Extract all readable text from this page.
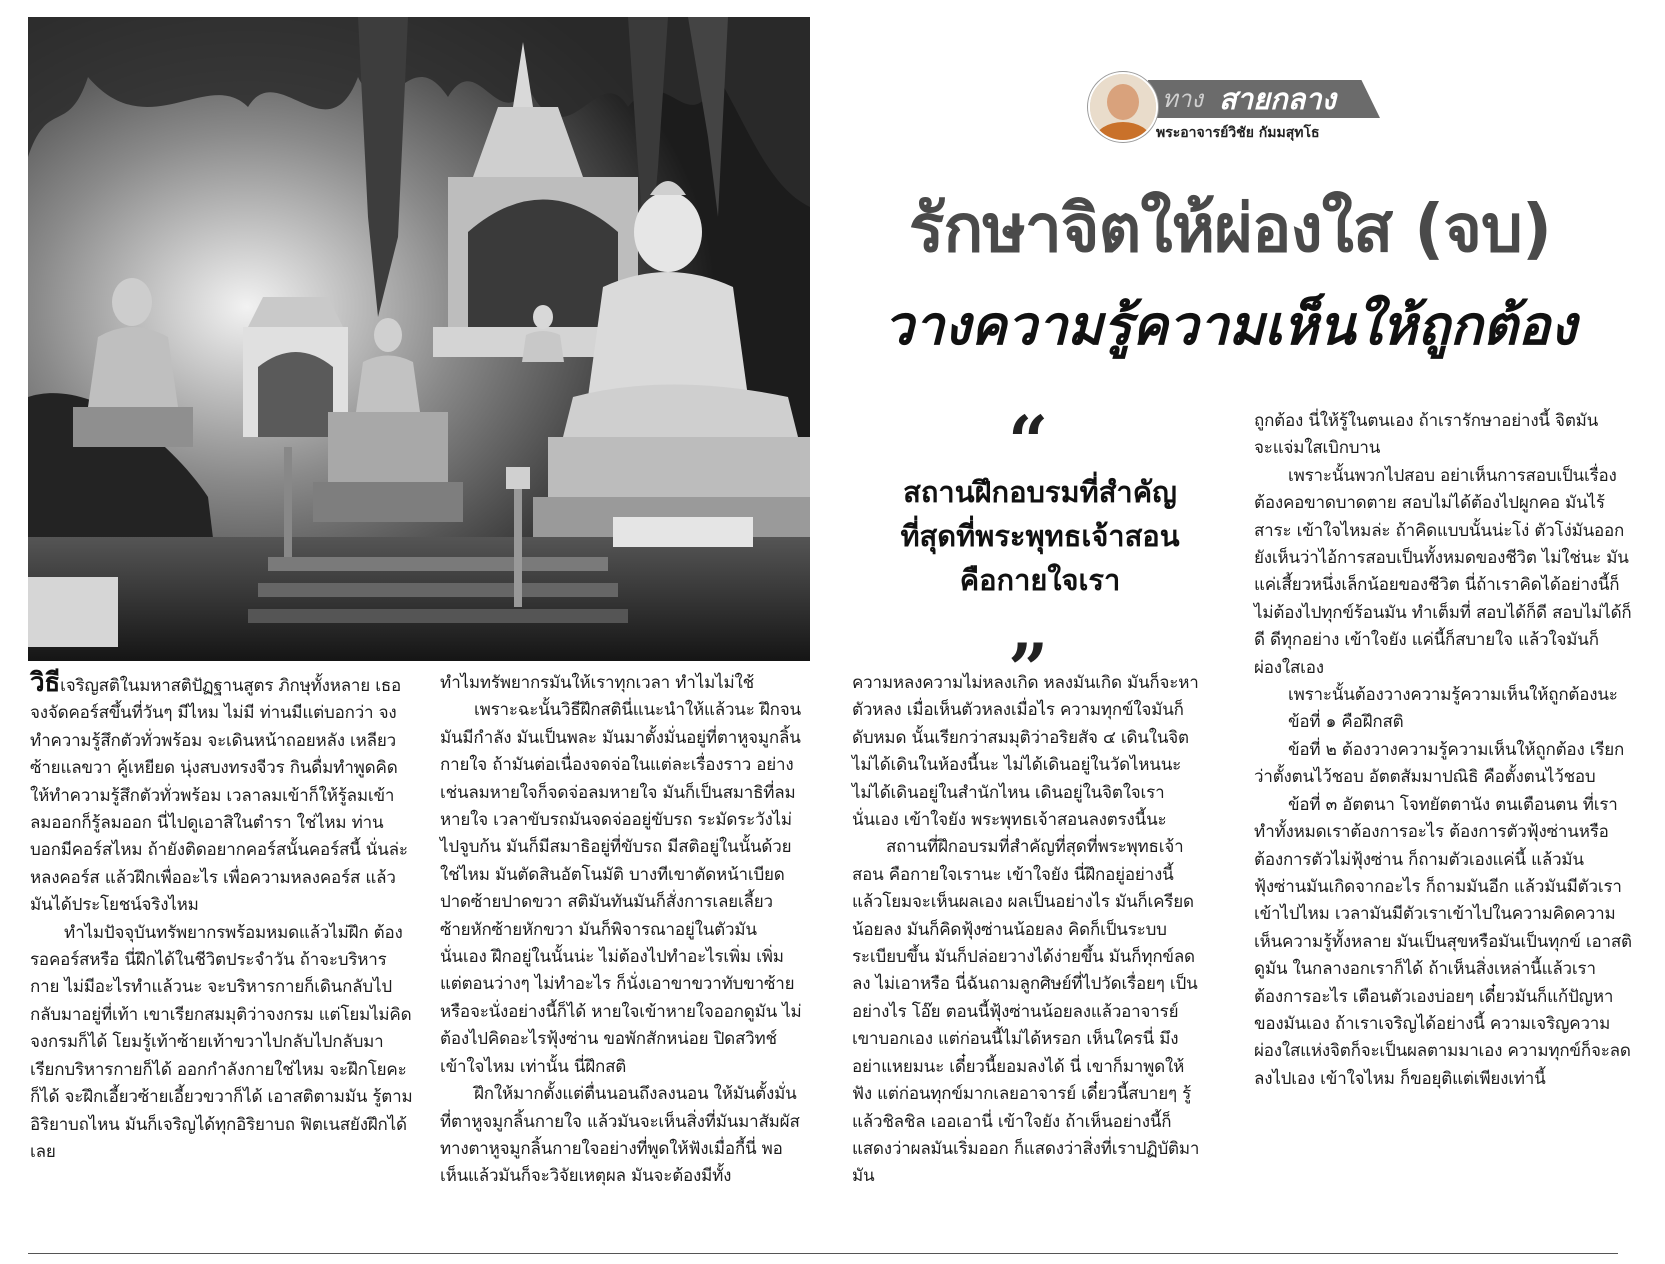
ทาง สายกลาง
พระอาจารย์วิชัย กัมมสุทโธ
รักษาจิตให้ผ่องใส (จบ)
วางความรู้ความเห็นให้ถูกต้อง
“
สถานฝึกอบรมที่สำคัญ
ที่สุดที่พระพุทธเจ้าสอน
คือกายใจเรา
”

วิธีเจริญสติในมหาสติปัฏฐานสูตร ภิกษุทั้งหลาย เธอจงจัดคอร์สขึ้นที่วันๆ มีไหม ไม่มี ท่านมีแต่บอกว่า จงทำความรู้สึกตัวทั่วพร้อม จะเดินหน้าถอยหลัง เหลียวซ้ายแลขวา คู้เหยียด นุ่งสบงทรงจีวร กินดื่มทำพูดคิด ให้ทำความรู้สึกตัวทั่วพร้อม เวลาลมเข้าก็ให้รู้ลมเข้า ลมออกก็รู้ลมออก นี่ไปดูเอาสิในตำรา ใช่ไหม ท่านบอกมีคอร์สไหม ถ้ายังติดอยากคอร์สนั้นคอร์สนี้ นั่นล่ะหลงคอร์ส แล้วฝึกเพื่ออะไร เพื่อความหลงคอร์ส แล้วมันได้ประโยชน์จริงไหม

ทำไมปัจจุบันทรัพยากรพร้อมหมดแล้วไม่ฝึก ต้องรอคอร์สหรือ นี่ฝึกได้ในชีวิตประจำวัน ถ้าจะบริหารกาย ไม่มีอะไรทำแล้วนะ จะบริหารกายก็เดินกลับไปกลับมาอยู่ที่เท้า เขาเรียกสมมุติว่าจงกรม แต่โยมไม่คิดจงกรมก็ได้ โยมรู้เท้าซ้ายเท้าขวาไปกลับไปกลับมาเรียกบริหารกายก็ได้ ออกกำลังกายใช่ไหม จะฝึกโยคะก็ได้ จะฝึกเอี้ยวซ้ายเอี้ยวขวาก็ได้ เอาสติตามมัน รู้ตามอิริยาบถไหน มันก็เจริญได้ทุกอิริยาบถ ฟิตเนสยังฝึกได้เลย

ทำไมทรัพยากรมันให้เราทุกเวลา ทำไมไม่ใช้

เพราะฉะนั้นวิธีฝึกสตินี่แนะนำให้แล้วนะ ฝึกจนมันมีกำลัง มันเป็นพละ มันมาตั้งมั่นอยู่ที่ตาหูจมูกลิ้นกายใจ ถ้ามันต่อเนื่องจดจ่อในแต่ละเรื่องราว อย่างเช่นลมหายใจก็จดจ่อลมหายใจ มันก็เป็นสมาธิที่ลมหายใจ เวลาขับรถมันจดจ่ออยู่ขับรถ ระมัดระวังไม่ไปจูบก้น มันก็มีสมาธิอยู่ที่ขับรถ มีสติอยู่ในนั้นด้วย ใช่ไหม มันตัดสินอัตโนมัติ บางทีเขาตัดหน้าเบียดปาดซ้ายปาดขวา สติมันทันมันก็สั่งการเลยเลี้ยวซ้ายหักซ้ายหักขวา มันก็พิจารณาอยู่ในตัวมันนั่นเอง ฝึกอยู่ในนั้นน่ะ ไม่ต้องไปทำอะไรเพิ่ม เพิ่มแต่ตอนว่างๆ ไม่ทำอะไร ก็นั่งเอาขาขวาทับขาซ้ายหรือจะนั่งอย่างนี้ก็ได้ หายใจเข้าหายใจออกดูมัน ไม่ต้องไปคิดอะไรฟุ้งซ่าน ขอพักสักหน่อย ปิดสวิทช์ เข้าใจไหม เท่านั้น นี่ฝึกสติ

ฝึกให้มากตั้งแต่ตื่นนอนถึงลงนอน ให้มันตั้งมั่นที่ตาหูจมูกลิ้นกายใจ แล้วมันจะเห็นสิ่งที่มันมาสัมผัสทางตาหูจมูกลิ้นกายใจอย่างที่พูดให้ฟังเมื่อกี้นี่ พอเห็นแล้วมันก็จะวิจัยเหตุผล มันจะต้องมีทั้ง

ความหลงความไม่หลงเกิด หลงมันเกิด มันก็จะหาตัวหลง เมื่อเห็นตัวหลงเมื่อไร ความทุกข์ใจมันก็ดับหมด นั้นเรียกว่าสมมุติว่าอริยสัจ ๔ เดินในจิต ไม่ได้เดินในห้องนี้นะ ไม่ได้เดินอยู่ในวัดไหนนะ ไม่ได้เดินอยู่ในสำนักไหน เดินอยู่ในจิตใจเรานั่นเอง เข้าใจยัง พระพุทธเจ้าสอนลงตรงนี้นะ

สถานที่ฝึกอบรมที่สำคัญที่สุดที่พระพุทธเจ้าสอน คือกายใจเรานะ เข้าใจยัง นี่ฝึกอยู่อย่างนี้แล้วโยมจะเห็นผลเอง ผลเป็นอย่างไร มันก็เครียดน้อยลง มันก็คิดฟุ้งซ่านน้อยลง คิดก็เป็นระบบระเบียบขึ้น มันก็ปล่อยวางได้ง่ายขึ้น มันก็ทุกข์ลดลง ไม่เอาหรือ นี่ฉันถามลูกศิษย์ที่ไปวัดเรื่อยๆ เป็นอย่างไร โอ๊ย ตอนนี้ฟุ้งซ่านน้อยลงแล้วอาจารย์ เขาบอกเอง แต่ก่อนนี้ไม่ได้หรอก เห็นใครนี่ มึงอย่าแหยมนะ เดี๋ยวนี้ยอมลงได้ นี่ เขาก็มาพูดให้ฟัง แต่ก่อนทุกข์มากเลยอาจารย์ เดี๋ยวนี้สบายๆ รู้แล้วชิลชิล เออเอานี่ เข้าใจยัง ถ้าเห็นอย่างนี้ก็แสดงว่าผลมันเริ่มออก ก็แสดงว่าสิ่งที่เราปฏิบัติมามัน

ถูกต้อง นี่ให้รู้ในตนเอง ถ้าเรารักษาอย่างนี้ จิตมันจะแจ่มใสเบิกบาน

เพราะนั้นพวกไปสอบ อย่าเห็นการสอบเป็นเรื่องต้องคอขาดบาดตาย สอบไม่ได้ต้องไปผูกคอ มันไร้สาระ เข้าใจไหมล่ะ ถ้าคิดแบบนั้นน่ะโง่ ตัวโง่มันออก ยังเห็นว่าไอ้การสอบเป็นทั้งหมดของชีวิต ไม่ใช่นะ มันแค่เสี้ยวหนึ่งเล็กน้อยของชีวิต นี่ถ้าเราคิดได้อย่างนี้ก็ไม่ต้องไปทุกข์ร้อนมัน ทำเต็มที่ สอบได้ก็ดี สอบไม่ได้ก็ดี ดีทุกอย่าง เข้าใจยัง แค่นี้ก็สบายใจ แล้วใจมันก็ผ่องใสเอง

เพราะนั้นต้องวางความรู้ความเห็นให้ถูกต้องนะ

ข้อที่ ๑ คือฝึกสติ

ข้อที่ ๒ ต้องวางความรู้ความเห็นให้ถูกต้อง เรียกว่าตั้งตนไว้ชอบ อัตตสัมมาปณิธิ คือตั้งตนไว้ชอบ

ข้อที่ ๓ อัตตนา โจทยัตตานัง ตนเตือนตน ที่เราทำทั้งหมดเราต้องการอะไร ต้องการตัวฟุ้งซ่านหรือต้องการตัวไม่ฟุ้งซ่าน ก็ถามตัวเองแค่นี้ แล้วมันฟุ้งซ่านมันเกิดจากอะไร ก็ถามมันอีก แล้วมันมีตัวเราเข้าไปไหม เวลามันมีตัวเราเข้าไปในความคิดความเห็นความรู้ทั้งหลาย มันเป็นสุขหรือมันเป็นทุกข์ เอาสติดูมัน ในกลางอกเราก็ได้ ถ้าเห็นสิ่งเหล่านี้แล้วเราต้องการอะไร เตือนตัวเองบ่อยๆ เดี๋ยวมันก็แก้ปัญหาของมันเอง ถ้าเราเจริญได้อย่างนี้ ความเจริญความผ่องใสแห่งจิตก็จะเป็นผลตามมาเอง ความทุกข์ก็จะลดลงไปเอง เข้าใจไหม ก็ขอยุติแต่เพียงเท่านี้
